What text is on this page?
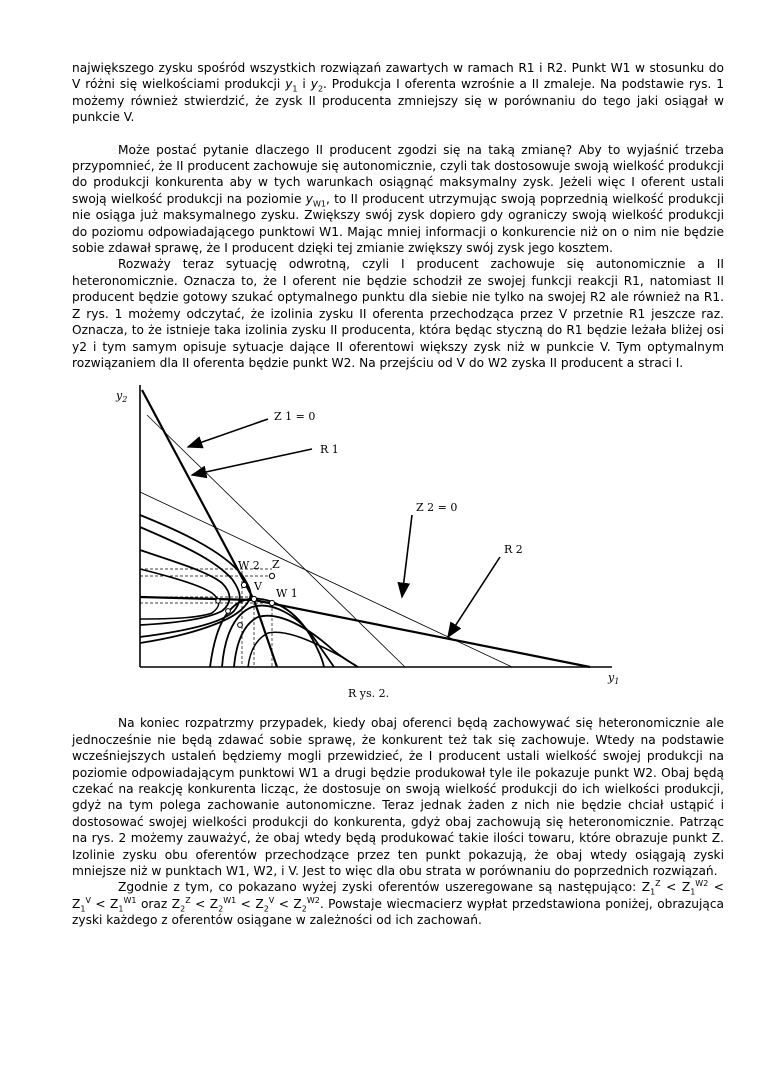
największego zysku spośród wszystkich rozwiązań zawartych w ramach R1 i R2. Punkt W1 w stosunku do V różni się wielkościami produkcji $y_1$ i $y_2$. Produkcja I oferenta wzrośnie a II zmaleje. Na podstawie rys. 1 możemy również stwierdzić, że zysk II producenta zmniejszy się w porównaniu do tego jaki osiągał w punkcie V.

Może postać pytanie dlaczego II producent zgodzi się na taką zmianę? Aby to wyjaśnić trzeba przypomnieć, że II producent zachowuje się autonomicznie, czyli tak dostosowuje swoją wielkość produkcji do produkcji konkurenta aby w tych warunkach osiągnąć maksymalny zysk. Jeżeli więc I oferent ustali swoją wielkość produkcji na poziomie $y_{W1}$, to II producent utrzymując swoją poprzednią wielkość produkcji nie osiąga już maksymalnego zysku. Zwiększy swój zysk dopiero gdy ograniczy swoją wielkość produkcji do poziomu odpowiadającego punktowi W1. Mając mniej informacji o konkurencie niż on o nim nie będzie sobie zdawał sprawę, że I producent dzięki tej zmianie zwiększy swój zysk jego kosztem.

Rozważy teraz sytuację odwrotną, czyli I producent zachowuje się autonomicznie a II heteronomicznie. Oznacza to, że I oferent nie będzie schodził ze swojej funkcji reakcji R1, natomiast II producent będzie gotowy szukać optymalnego punktu dla siebie nie tylko na swojej R2 ale również na R1. Z rys. 1 możemy odczytać, że izolinia zysku II oferenta przechodząca przez V przetnie R1 jeszcze raz. Oznacza, to że istnieje taka izolinia zysku II producenta, która będąc styczną do R1 będzie leżała bliżej osi y2 i tym samym opisuje sytuacje dające II oferentowi większy zysk niż w punkcie V. Tym optymalnym rozwiązaniem dla II oferenta będzie punkt W2. Na przejściu od V do W2 zyska II producent a straci I.

$y_2$
$y_1$
W 2 Z
V
W 1
Z 1 = 0
R 1
Z 2 = 0
R 2
R ys. 2.

Na koniec rozpatrzmy przypadek, kiedy obaj oferenci będą zachowywać się heteronomicznie ale jednocześnie nie będą zdawać sobie sprawę, że konkurent też tak się zachowuje. Wtedy na podstawie wcześniejszych ustaleń będziemy mogli przewidzieć, że I producent ustali wielkość swojej produkcji na poziomie odpowiadającym punktowi W1 a drugi będzie produkował tyle ile pokazuje punkt W2. Obaj będą czekać na reakcję konkurenta licząc, że dostosuje on swoją wielkość produkcji do ich wielkości produkcji, gdyż na tym polega zachowanie autonomiczne. Teraz jednak żaden z nich nie będzie chciał ustąpić i dostosować swojej wielkości produkcji do konkurenta, gdyż obaj zachowują się heteronomicznie. Patrząc na rys. 2 możemy zauważyć, że obaj wtedy będą produkować takie ilości towaru, które obrazuje punkt Z. Izolinie zysku obu oferentów przechodzące przez ten punkt pokazują, że obaj wtedy osiągają zyski mniejsze niż w punktach W1, W2, i V. Jest to więc dla obu strata w porównaniu do poprzednich rozwiązań.

Zgodnie z tym, co pokazano wyżej zyski oferentów uszeregowane są następująco: $Z_1^Z < Z_1^{W2} < Z_1^V < Z_1^{W1}$ oraz $Z_2^Z < Z_2^{W1} < Z_2^V < Z_2^{W2}$. Powstaje wiecmacierz wypłat przedstawiona poniżej, obrazująca zyski każdego z oferentów osiągane w zależności od ich zachowań.
